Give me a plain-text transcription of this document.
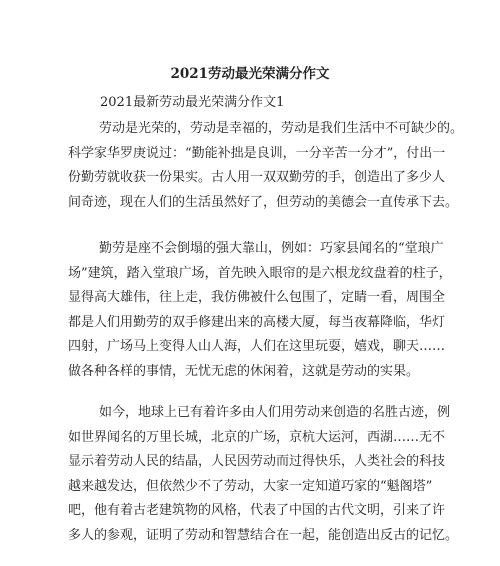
2021劳动最光荣满分作文
2021最新劳动最光荣满分作文1
劳动是光荣的，劳动是幸福的，劳动是我们生活中不可缺少的。
科学家华罗庚说过：“勤能补拙是良训，一分辛苦一分才”，付出一
份勤劳就收获一份果实。古人用一双双勤劳的手，创造出了多少人
间奇迹，现在人们的生活虽然好了，但劳动的美德会一直传承下去。
勤劳是座不会倒塌的强大靠山，例如：巧家县闻名的“堂琅广
场”建筑，踏入堂琅广场，首先映入眼帘的是六根龙纹盘着的柱子，
显得高大雄伟，往上走，我仿佛被什么包围了，定睛一看，周围全
都是人们用勤劳的双手修建出来的高楼大厦，每当夜幕降临，华灯
四射，广场马上变得人山人海，人们在这里玩耍，嬉戏，聊天……
做各种各样的事情，无忧无虑的休闲着，这就是劳动的实果。
如今，地球上已有着许多由人们用劳动来创造的名胜古迹，例
如世界闻名的万里长城，北京的广场，京杭大运河，西湖……无不
显示着劳动人民的结晶，人民因劳动而过得快乐，人类社会的科技
越来越发达，但依然少不了劳动，大家一定知道巧家的“魁阁塔”
吧，他有着古老建筑物的风格，代表了中国的古代文明，引来了许
多人的参观，证明了劳动和智慧结合在一起，能创造出反古的记忆。
